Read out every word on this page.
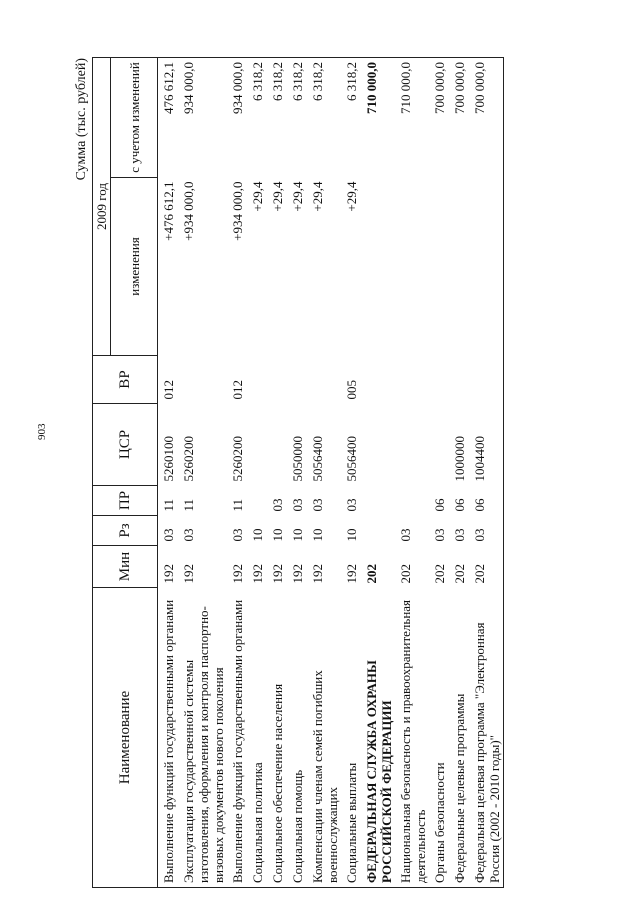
903
Сумма (тыс. рублей)
Наименование	Мин	Рз	ПР	ЦСР	ВР	2009 год	
						изменения	с учетом изменений
Выполнение функций государственными органами	192	03	11	5260100	012	+476 612,1	476 612,1
Эксплуатация государственной системы изготовления, оформления и контроля паспортно-визовых документов нового поколения	192	03	11	5260200		+934 000,0	934 000,0
Выполнение функций государственными органами	192	03	11	5260200	012	+934 000,0	934 000,0
Социальная политика	192	10				+29,4	6 318,2
Социальное обеспечение населения	192	10	03			+29,4	6 318,2
Социальная помощь	192	10	03	5050000		+29,4	6 318,2
Компенсации членам семей погибших военнослужащих	192	10	03	5056400		+29,4	6 318,2
Социальные выплаты	192	10	03	5056400	005	+29,4	6 318,2
ФЕДЕРАЛЬНАЯ СЛУЖБА ОХРАНЫ РОССИЙСКОЙ ФЕДЕРАЦИИ	202						710 000,0
Национальная безопасность и правоохранительная деятельность	202	03					710 000,0
Органы безопасности	202	03	06				700 000,0
Федеральные целевые программы	202	03	06	1000000			700 000,0
Федеральная целевая программа "Электронная Россия (2002 - 2010 годы)"	202	03	06	1004400			700 000,0
